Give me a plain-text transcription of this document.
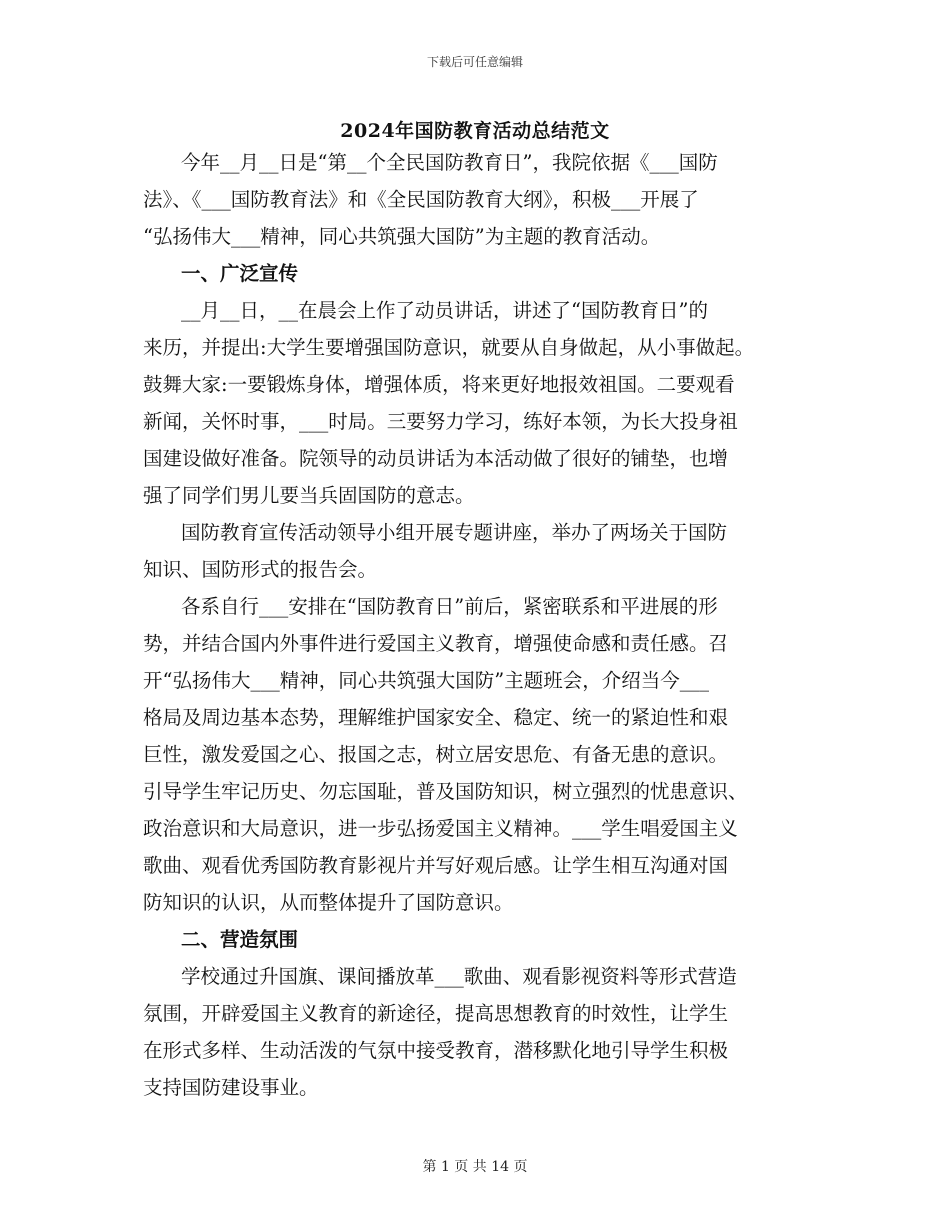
下载后可任意编辑
2024年国防教育活动总结范文
今年__月__日是“第__个全民国防教育日”，我院依据《___国防
法》、《___国防教育法》和《全民国防教育大纲》，积极___开展了
“弘扬伟大___精神，同心共筑强大国防”为主题的教育活动。
一、广泛宣传
__月__日，__在晨会上作了动员讲话，讲述了“国防教育日”的
来历，并提出:大学生要增强国防意识，就要从自身做起，从小事做起。
鼓舞大家:一要锻炼身体，增强体质，将来更好地报效祖国。二要观看
新闻，关怀时事，___时局。三要努力学习，练好本领，为长大投身祖
国建设做好准备。院领导的动员讲话为本活动做了很好的铺垫，也增
强了同学们男儿要当兵固国防的意志。
国防教育宣传活动领导小组开展专题讲座，举办了两场关于国防
知识、国防形式的报告会。
各系自行___安排在“国防教育日”前后，紧密联系和平进展的形
势，并结合国内外事件进行爱国主义教育，增强使命感和责任感。召
开“弘扬伟大___精神，同心共筑强大国防”主题班会，介绍当今___
格局及周边基本态势，理解维护国家安全、稳定、统一的紧迫性和艰
巨性，激发爱国之心、报国之志，树立居安思危、有备无患的意识。
引导学生牢记历史、勿忘国耻，普及国防知识，树立强烈的忧患意识、
政治意识和大局意识，进一步弘扬爱国主义精神。___学生唱爱国主义
歌曲、观看优秀国防教育影视片并写好观后感。让学生相互沟通对国
防知识的认识，从而整体提升了国防意识。
二、营造氛围
学校通过升国旗、课间播放革___歌曲、观看影视资料等形式营造
氛围，开辟爱国主义教育的新途径，提高思想教育的时效性，让学生
在形式多样、生动活泼的气氛中接受教育，潜移默化地引导学生积极
支持国防建设事业。
第 1 页 共 14 页
